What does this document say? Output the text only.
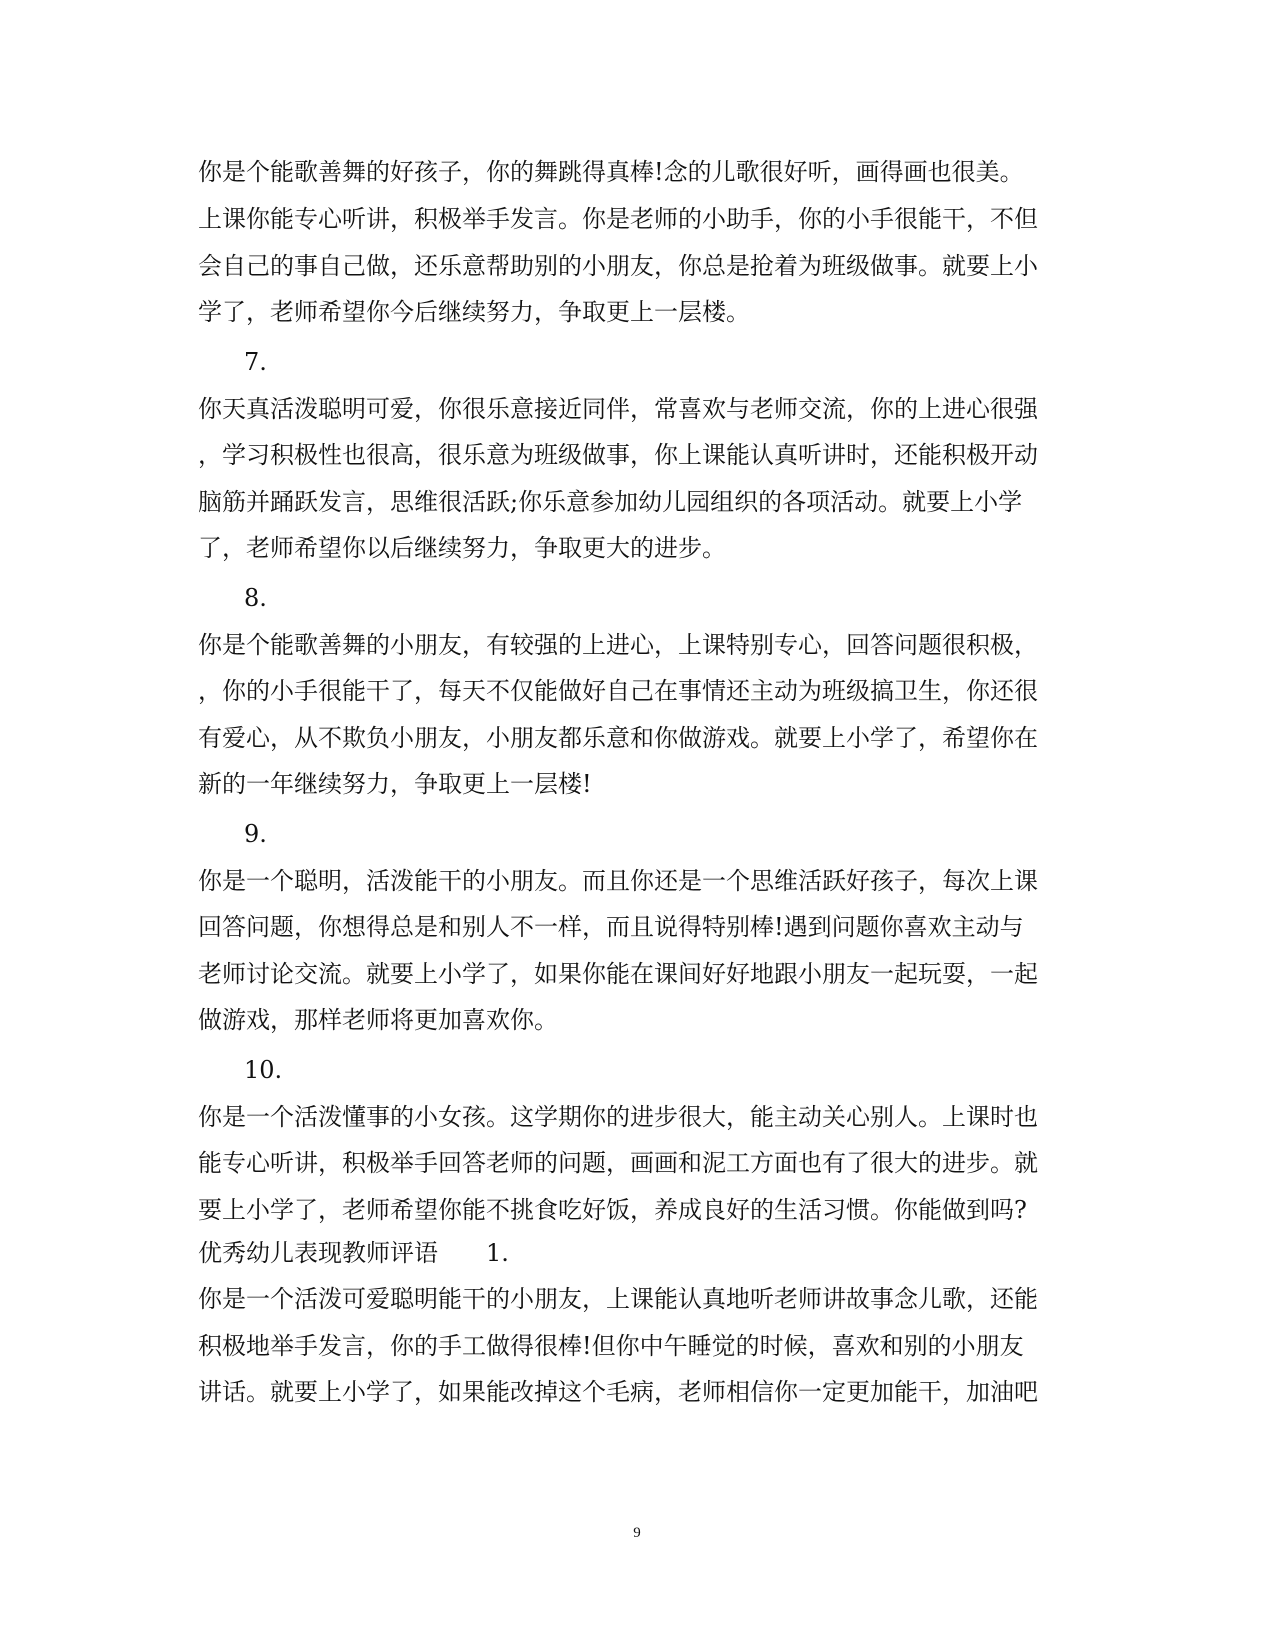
你是个能歌善舞的好孩子，你的舞跳得真棒!念的儿歌很好听，画得画也很美。
上课你能专心听讲，积极举手发言。你是老师的小助手，你的小手很能干，不但
会自己的事自己做，还乐意帮助别的小朋友，你总是抢着为班级做事。就要上小
学了，老师希望你今后继续努力，争取更上一层楼。
7.
你天真活泼聪明可爱，你很乐意接近同伴，常喜欢与老师交流，你的上进心很强
，学习积极性也很高，很乐意为班级做事，你上课能认真听讲时，还能积极开动
脑筋并踊跃发言，思维很活跃;你乐意参加幼儿园组织的各项活动。就要上小学
了，老师希望你以后继续努力，争取更大的进步。
8.
你是个能歌善舞的小朋友，有较强的上进心，上课特别专心，回答问题很积极，
，你的小手很能干了，每天不仅能做好自己在事情还主动为班级搞卫生，你还很
有爱心，从不欺负小朋友，小朋友都乐意和你做游戏。就要上小学了，希望你在
新的一年继续努力，争取更上一层楼!
9.
你是一个聪明，活泼能干的小朋友。而且你还是一个思维活跃好孩子，每次上课
回答问题，你想得总是和别人不一样，而且说得特别棒!遇到问题你喜欢主动与
老师讨论交流。就要上小学了，如果你能在课间好好地跟小朋友一起玩耍，一起
做游戏，那样老师将更加喜欢你。
10.
你是一个活泼懂事的小女孩。这学期你的进步很大，能主动关心别人。上课时也
能专心听讲，积极举手回答老师的问题，画画和泥工方面也有了很大的进步。就
要上小学了，老师希望你能不挑食吃好饭，养成良好的生活习惯。你能做到吗?
优秀幼儿表现教师评语 1.
你是一个活泼可爱聪明能干的小朋友，上课能认真地听老师讲故事念儿歌，还能
积极地举手发言，你的手工做得很棒!但你中午睡觉的时候，喜欢和别的小朋友
讲话。就要上小学了，如果能改掉这个毛病，老师相信你一定更加能干，加油吧
9
